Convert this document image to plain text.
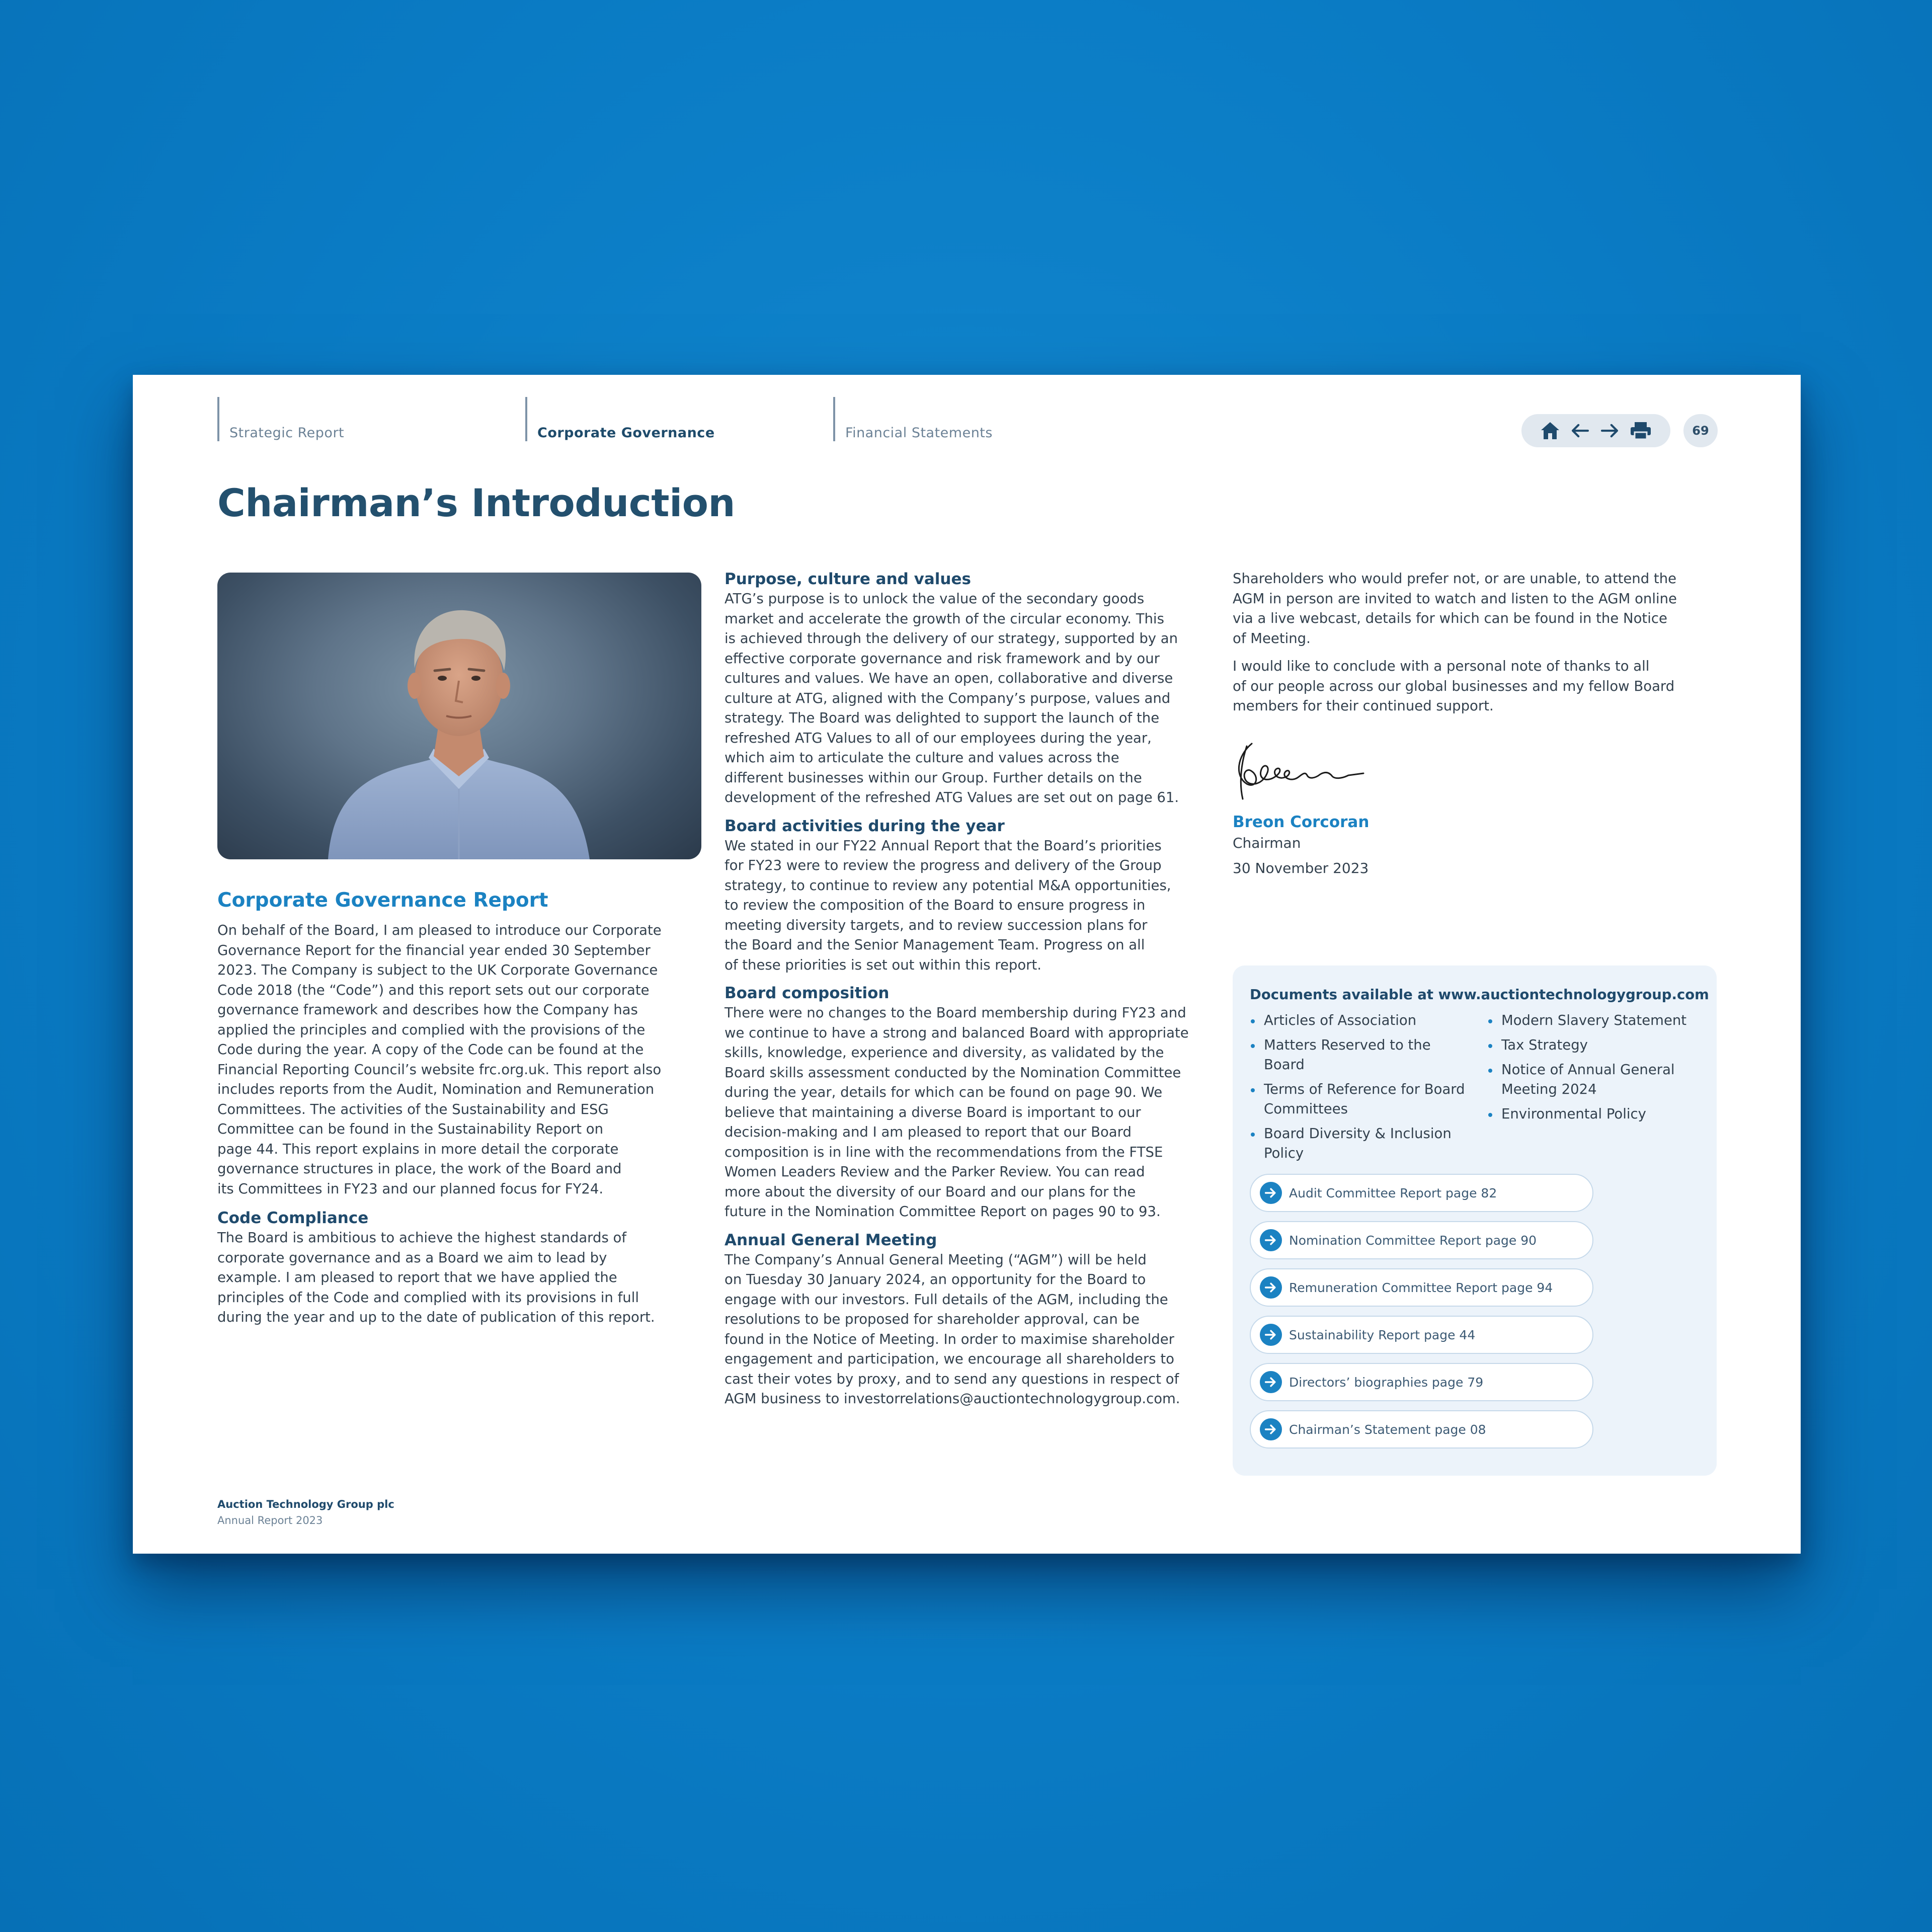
Strategic Report	Corporate Governance	Financial Statements	69
Chairman’s Introduction

Corporate Governance Report

On behalf of the Board, I am pleased to introduce our Corporate
Governance Report for the financial year ended 30 September
2023. The Company is subject to the UK Corporate Governance
Code 2018 (the “Code”) and this report sets out our corporate
governance framework and describes how the Company has
applied the principles and complied with the provisions of the
Code during the year. A copy of the Code can be found at the
Financial Reporting Council’s website frc.org.uk. This report also
includes reports from the Audit, Nomination and Remuneration
Committees. The activities of the Sustainability and ESG
Committee can be found in the Sustainability Report on
page 44. This report explains in more detail the corporate
governance structures in place, the work of the Board and
its Committees in FY23 and our planned focus for FY24.

Code Compliance

The Board is ambitious to achieve the highest standards of
corporate governance and as a Board we aim to lead by
example. I am pleased to report that we have applied the
principles of the Code and complied with its provisions in full
during the year and up to the date of publication of this report.

Purpose, culture and values

ATG’s purpose is to unlock the value of the secondary goods
market and accelerate the growth of the circular economy. This
is achieved through the delivery of our strategy, supported by an
effective corporate governance and risk framework and by our
cultures and values. We have an open, collaborative and diverse
culture at ATG, aligned with the Company’s purpose, values and
strategy. The Board was delighted to support the launch of the
refreshed ATG Values to all of our employees during the year,
which aim to articulate the culture and values across the
different businesses within our Group. Further details on the
development of the refreshed ATG Values are set out on page 61.

Board activities during the year

We stated in our FY22 Annual Report that the Board’s priorities
for FY23 were to review the progress and delivery of the Group
strategy, to continue to review any potential M&A opportunities,
to review the composition of the Board to ensure progress in
meeting diversity targets, and to review succession plans for
the Board and the Senior Management Team. Progress on all
of these priorities is set out within this report.

Board composition

There were no changes to the Board membership during FY23 and
we continue to have a strong and balanced Board with appropriate
skills, knowledge, experience and diversity, as validated by the
Board skills assessment conducted by the Nomination Committee
during the year, details for which can be found on page 90. We
believe that maintaining a diverse Board is important to our
decision-making and I am pleased to report that our Board
composition is in line with the recommendations from the FTSE
Women Leaders Review and the Parker Review. You can read
more about the diversity of our Board and our plans for the
future in the Nomination Committee Report on pages 90 to 93.

Annual General Meeting

The Company’s Annual General Meeting (“AGM”) will be held
on Tuesday 30 January 2024, an opportunity for the Board to
engage with our investors. Full details of the AGM, including the
resolutions to be proposed for shareholder approval, can be
found in the Notice of Meeting. In order to maximise shareholder
engagement and participation, we encourage all shareholders to
cast their votes by proxy, and to send any questions in respect of
AGM business to investorrelations@auctiontechnologygroup.com.

Shareholders who would prefer not, or are unable, to attend the
AGM in person are invited to watch and listen to the AGM online
via a live webcast, details for which can be found in the Notice
of Meeting.

I would like to conclude with a personal note of thanks to all
of our people across our global businesses and my fellow Board
members for their continued support.

Breon Corcoran
Chairman
30 November 2023
Documents available at www.auctiontechnologygroup.com
Articles of Association
Matters Reserved to the Board
Terms of Reference for Board Committees
Board Diversity & Inclusion Policy
Modern Slavery Statement
Tax Strategy
Notice of Annual General Meeting 2024
Environmental Policy
Audit Committee Report page 82
Nomination Committee Report page 90
Remuneration Committee Report page 94
Sustainability Report page 44
Directors’ biographies page 79
Chairman’s Statement page 08
Auction Technology Group plc
Annual Report 2023
